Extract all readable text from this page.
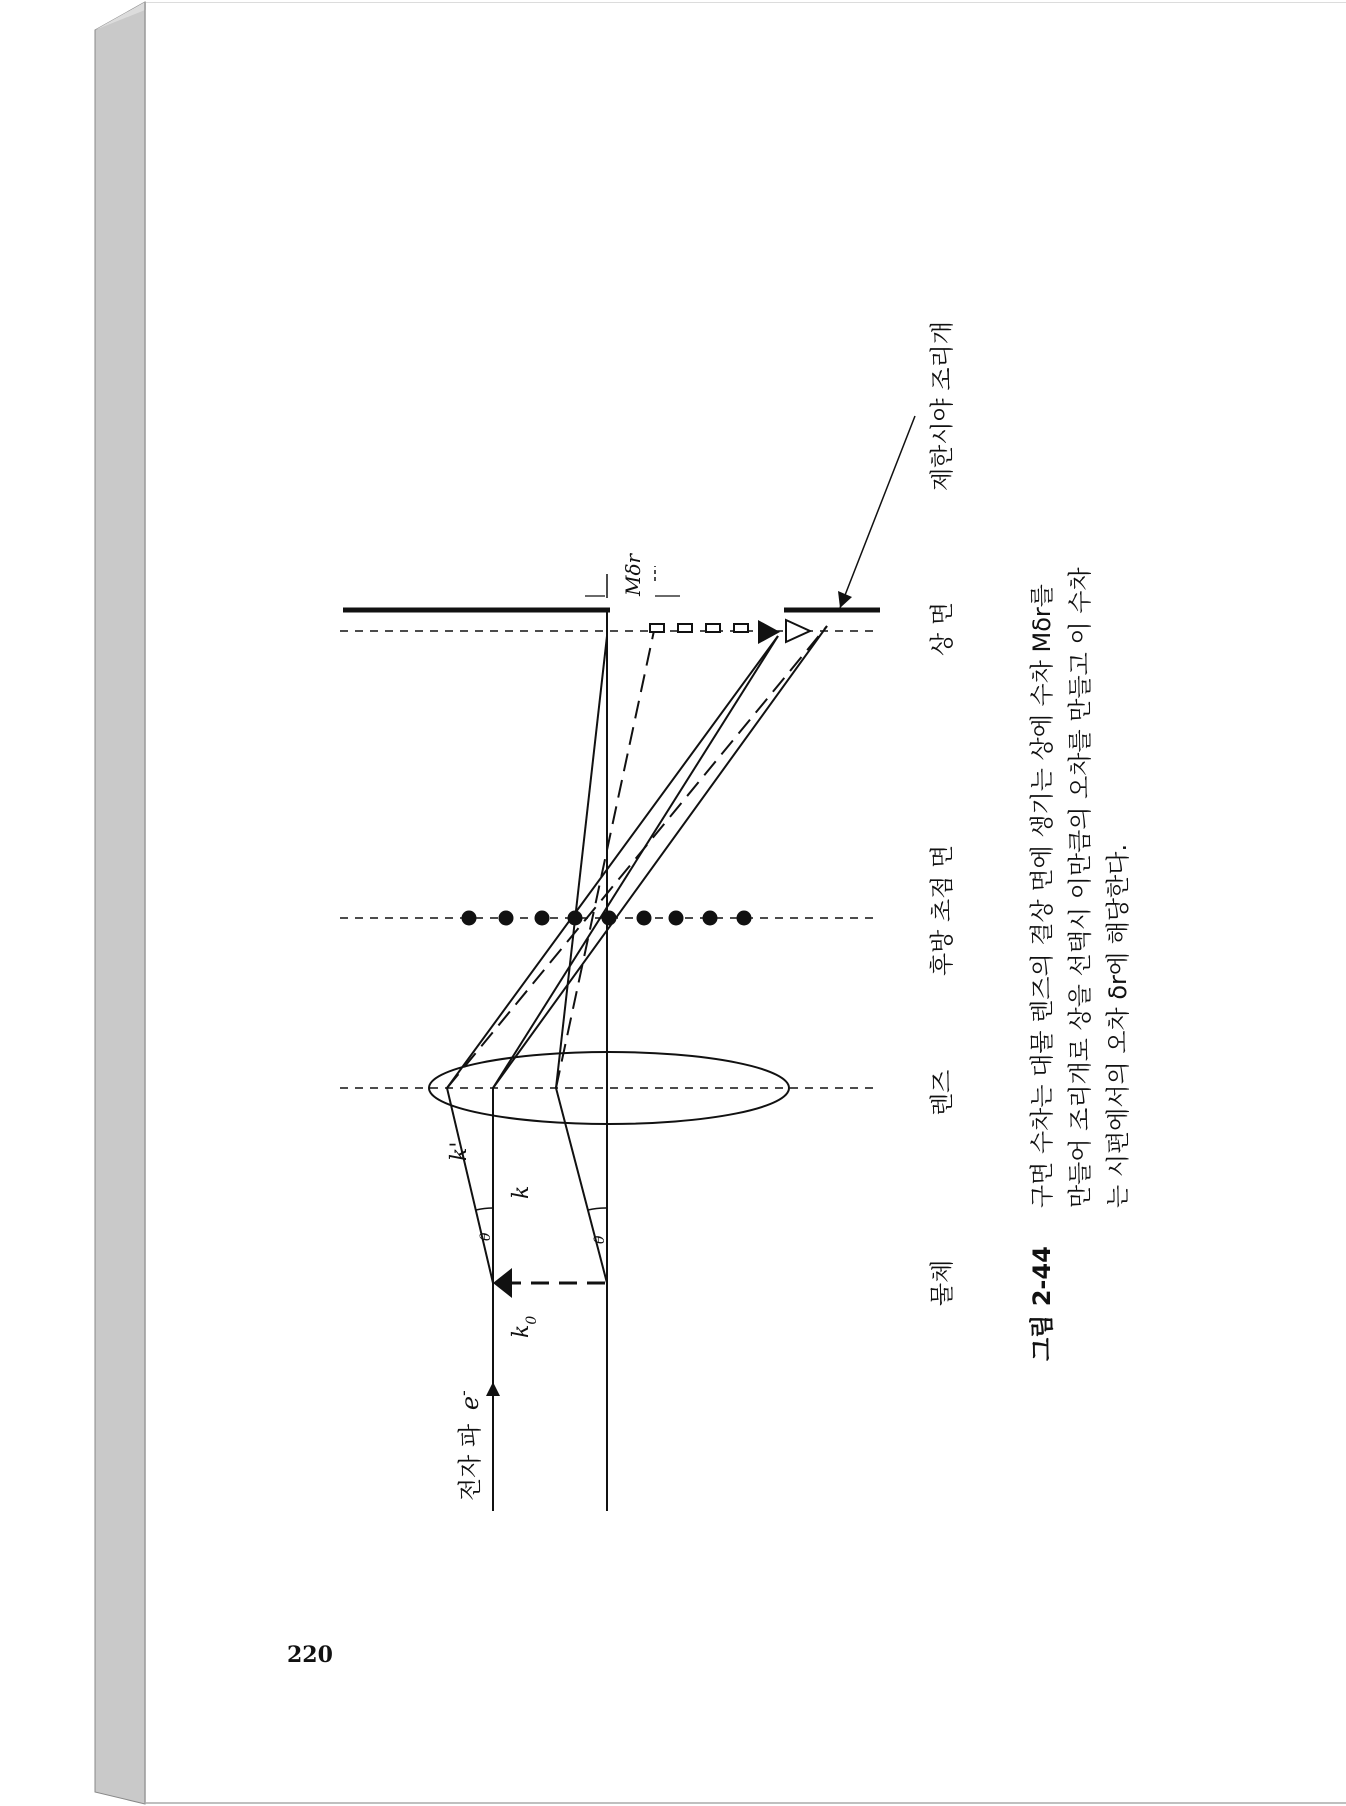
전자 파 e-
$k_0$
k
k'
θ	θ
Mδr
물체
렌즈
후방 초점 면
상 면
제한시야 조리개
그림 2-44
구면 수차는 대물 렌즈의 결상 면에 생기는 상에 수차 Mδr를 만들어 조리개로 상을 선택시 이만큼의 오차를 만들고 이 수차 는 시편에서의 오차 δr에 해당한다.
220
